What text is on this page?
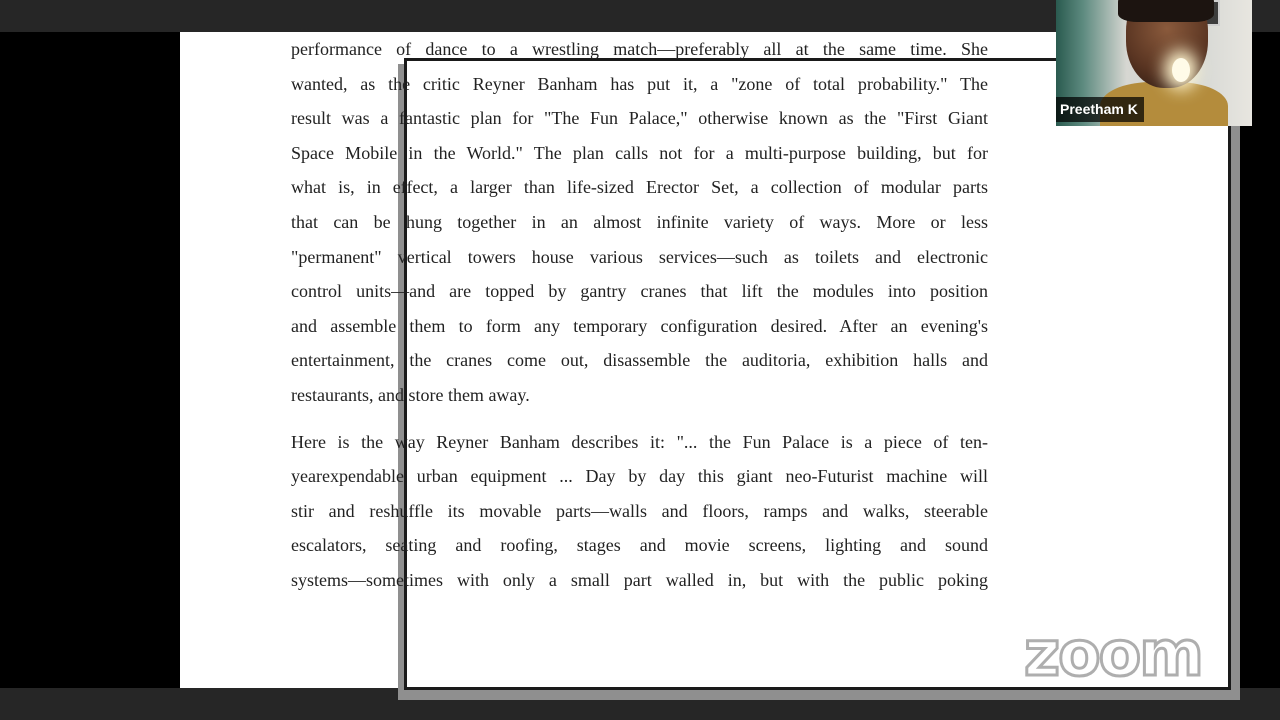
performance of dance to a wrestling match—preferably all at the same time. She
wanted, as the critic Reyner Banham has put it, a "zone of total probability." The
result was a fantastic plan for "The Fun Palace," otherwise known as the "First Giant
Space Mobile in the World." The plan calls not for a multi-purpose building, but for
what is, in effect, a larger than life-sized Erector Set, a collection of modular parts
that can be hung together in an almost infinite variety of ways. More or less
"permanent" vertical towers house various services—such as toilets and electronic
control units—and are topped by gantry cranes that lift the modules into position
and assemble them to form any temporary configuration desired. After an evening's
entertainment, the cranes come out, disassemble the auditoria, exhibition halls and
restaurants, and store them away.
Here is the way Reyner Banham describes it: "... the Fun Palace is a piece of ten-
yearexpendable urban equipment ... Day by day this giant neo-Futurist machine will
stir and reshuffle its movable parts—walls and floors, ramps and walks, steerable
escalators, seating and roofing, stages and movie screens, lighting and sound
systems—sometimes with only a small part walled in, but with the public poking
Preetham K
zoom
